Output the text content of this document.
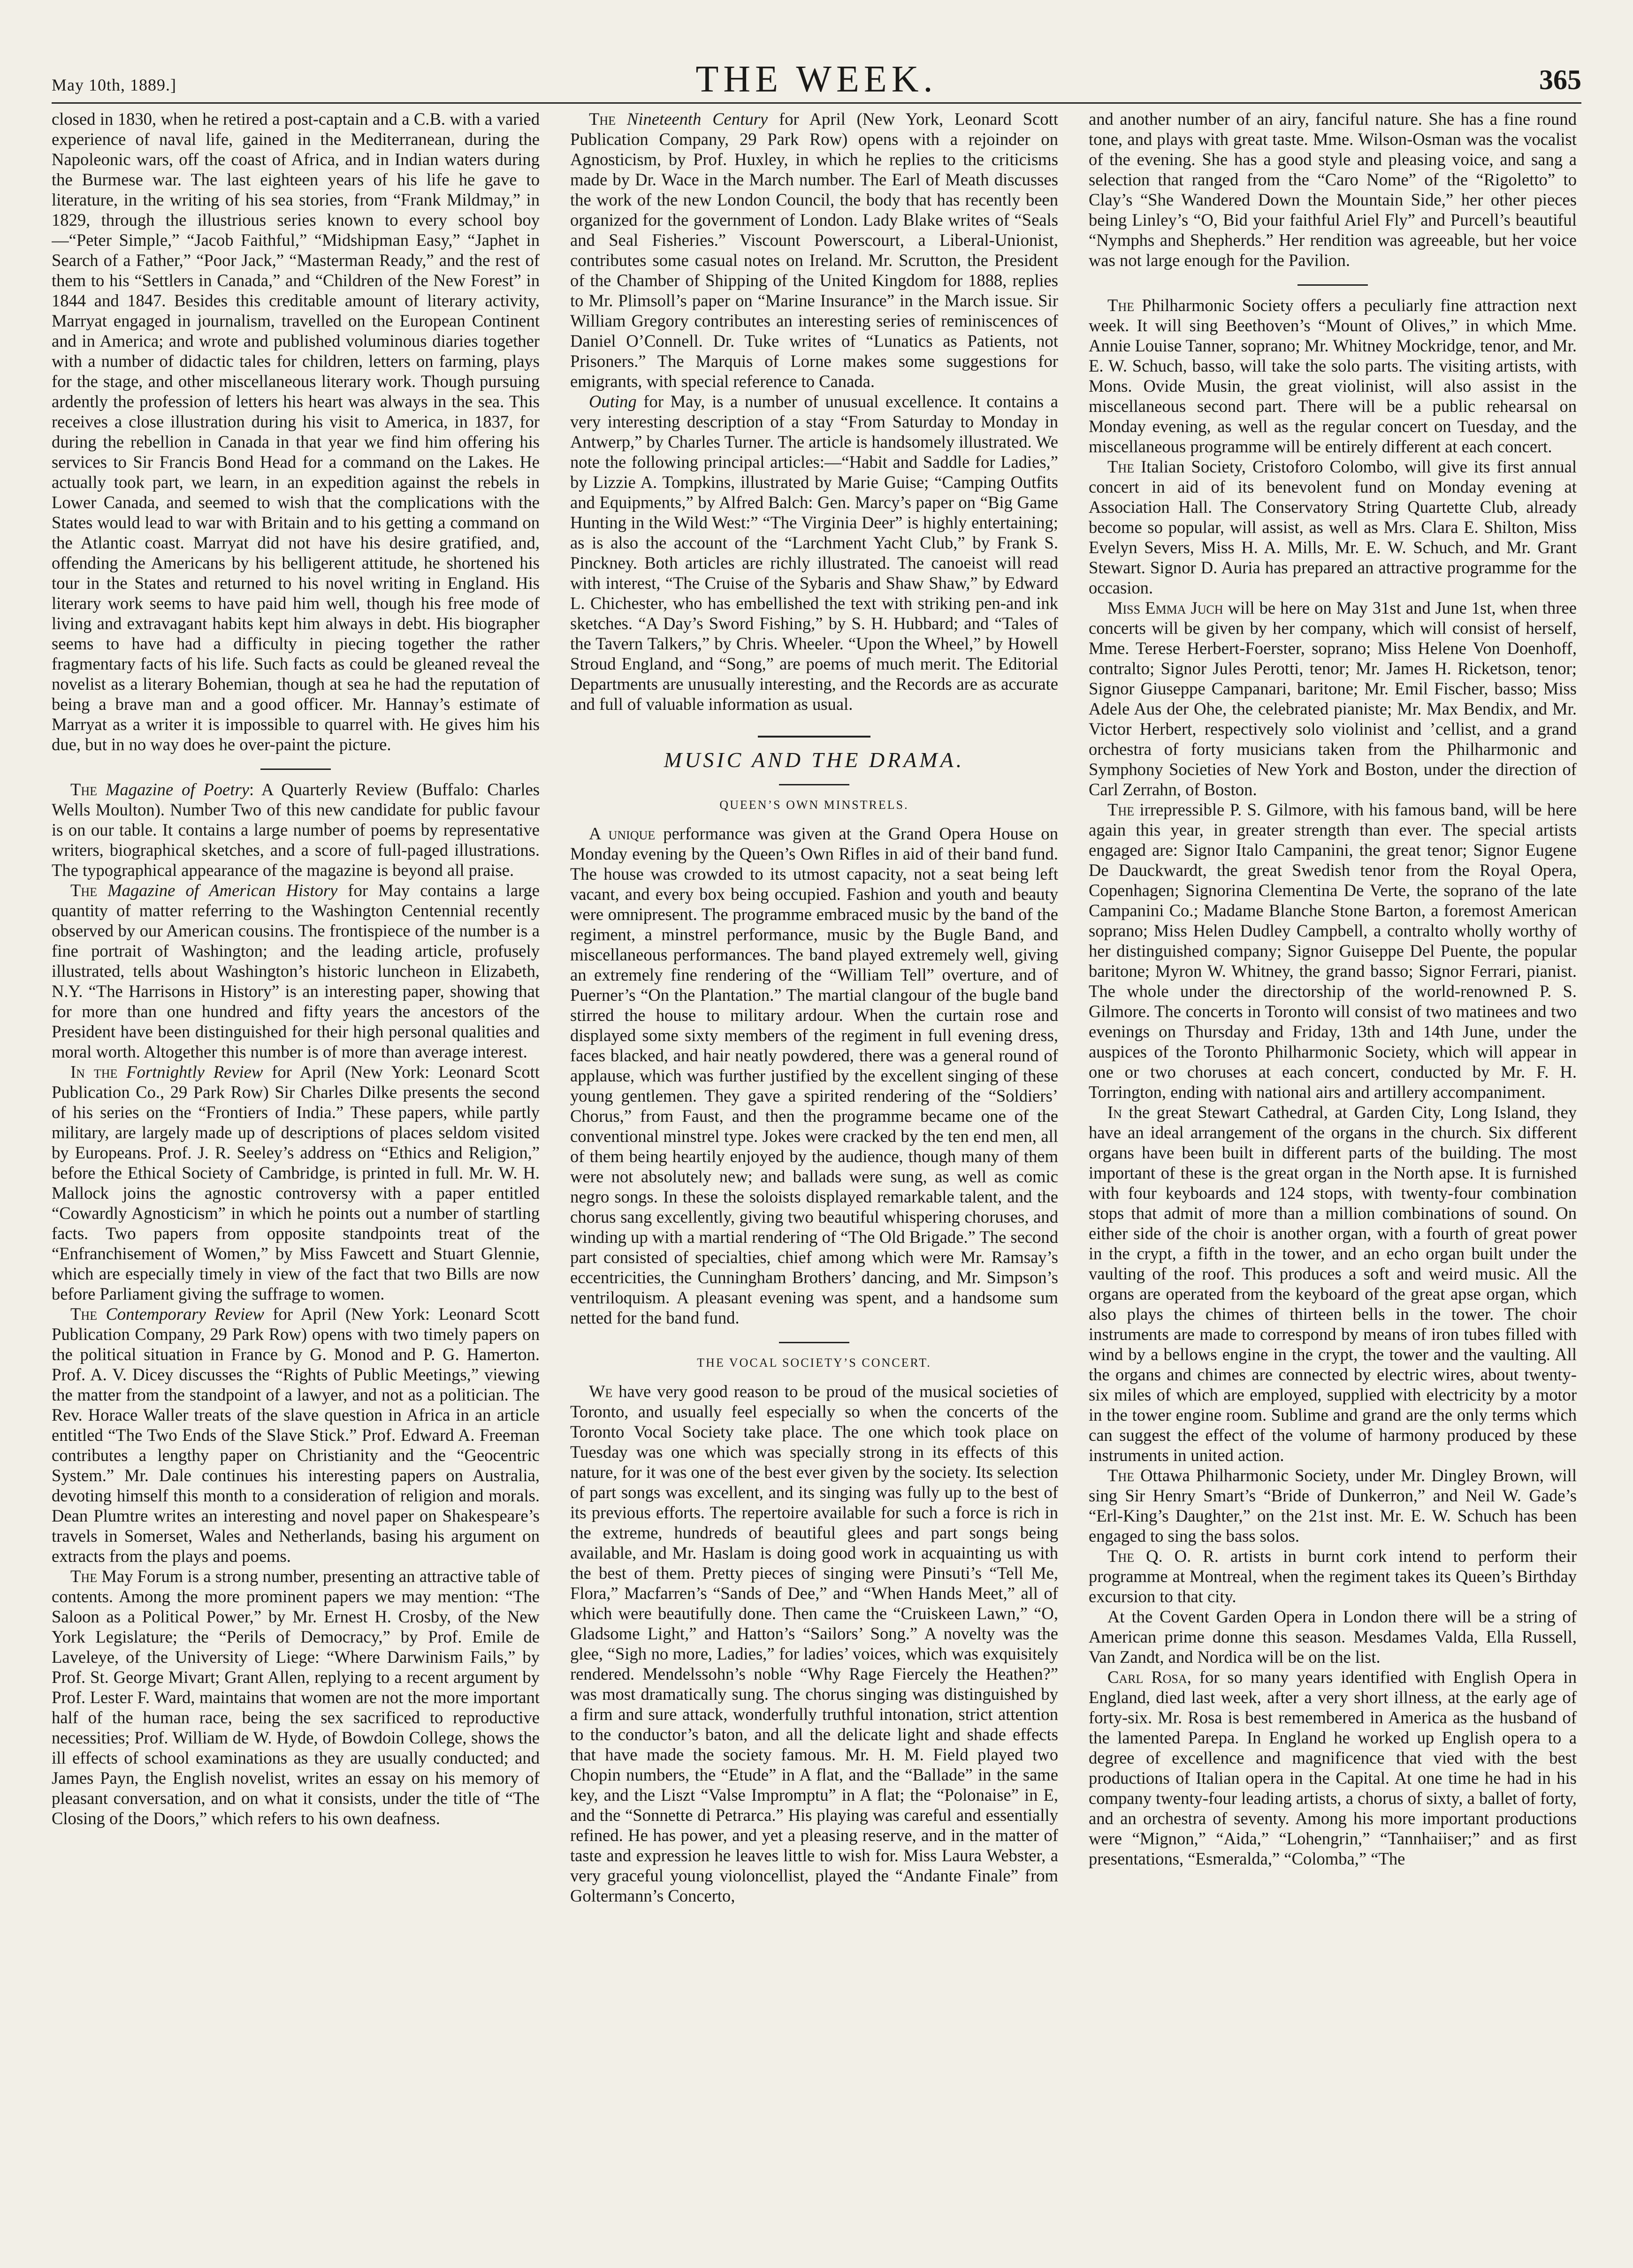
May 10th, 1889.]	THE WEEK.	365

closed in 1830, when he retired a post-captain and a C.B. with a varied experience of naval life, gained in the Mediterranean, during the Napoleonic wars, off the coast of Africa, and in Indian waters during the Burmese war. The last eighteen years of his life he gave to literature, in the writing of his sea stories, from “Frank Mildmay,” in 1829, through the illustrious series known to every school boy—“Peter Simple,” “Jacob Faithful,” “Midshipman Easy,” “Japhet in Search of a Father,” “Poor Jack,” “Masterman Ready,” and the rest of them to his “Settlers in Canada,” and “Children of the New Forest” in 1844 and 1847. Besides this creditable amount of literary activity, Marryat engaged in journalism, travelled on the European Continent and in America; and wrote and published voluminous diaries together with a number of didactic tales for children, letters on farming, plays for the stage, and other miscellaneous literary work. Though pursuing ardently the profession of letters his heart was always in the sea. This receives a close illustration during his visit to America, in 1837, for during the rebellion in Canada in that year we find him offering his services to Sir Francis Bond Head for a command on the Lakes. He actually took part, we learn, in an expedition against the rebels in Lower Canada, and seemed to wish that the complications with the States would lead to war with Britain and to his getting a command on the Atlantic coast. Marryat did not have his desire gratified, and, offending the Americans by his belligerent attitude, he shortened his tour in the States and returned to his novel writing in England. His literary work seems to have paid him well, though his free mode of living and extravagant habits kept him always in debt. His biographer seems to have had a difficulty in piecing together the rather fragmentary facts of his life. Such facts as could be gleaned reveal the novelist as a literary Bohemian, though at sea he had the reputation of being a brave man and a good officer. Mr. Hannay’s estimate of Marryat as a writer it is impossible to quarrel with. He gives him his due, but in no way does he over-paint the picture.

The Magazine of Poetry: A Quarterly Review (Buffalo: Charles Wells Moulton). Number Two of this new candidate for public favour is on our table. It contains a large number of poems by representative writers, biographical sketches, and a score of full-paged illustrations. The typographical appearance of the magazine is beyond all praise.

The Magazine of American History for May contains a large quantity of matter referring to the Washington Centennial recently observed by our American cousins. The frontispiece of the number is a fine portrait of Washington; and the leading article, profusely illustrated, tells about Washington’s historic luncheon in Elizabeth, N.Y. “The Harrisons in History” is an interesting paper, showing that for more than one hundred and fifty years the ancestors of the President have been distinguished for their high personal qualities and moral worth. Altogether this number is of more than average interest.

In the Fortnightly Review for April (New York: Leonard Scott Publication Co., 29 Park Row) Sir Charles Dilke presents the second of his series on the “Frontiers of India.” These papers, while partly military, are largely made up of descriptions of places seldom visited by Europeans. Prof. J. R. Seeley’s address on “Ethics and Religion,” before the Ethical Society of Cambridge, is printed in full. Mr. W. H. Mallock joins the agnostic controversy with a paper entitled “Cowardly Agnosticism” in which he points out a number of startling facts. Two papers from opposite standpoints treat of the “Enfranchisement of Women,” by Miss Fawcett and Stuart Glennie, which are especially timely in view of the fact that two Bills are now before Parliament giving the suffrage to women.

The Contemporary Review for April (New York: Leonard Scott Publication Company, 29 Park Row) opens with two timely papers on the political situation in France by G. Monod and P. G. Hamerton. Prof. A. V. Dicey discusses the “Rights of Public Meetings,” viewing the matter from the standpoint of a lawyer, and not as a politician. The Rev. Horace Waller treats of the slave question in Africa in an article entitled “The Two Ends of the Slave Stick.” Prof. Edward A. Freeman contributes a lengthy paper on Christianity and the “Geocentric System.” Mr. Dale continues his interesting papers on Australia, devoting himself this month to a consideration of religion and morals. Dean Plumtre writes an interesting and novel paper on Shakespeare’s travels in Somerset, Wales and Netherlands, basing his argument on extracts from the plays and poems.

The May Forum is a strong number, presenting an attractive table of contents. Among the more prominent papers we may mention: “The Saloon as a Political Power,” by Mr. Ernest H. Crosby, of the New York Legislature; the “Perils of Democracy,” by Prof. Emile de Laveleye, of the University of Liege: “Where Darwinism Fails,” by Prof. St. George Mivart; Grant Allen, replying to a recent argument by Prof. Lester F. Ward, maintains that women are not the more important half of the human race, being the sex sacrificed to reproductive necessities; Prof. William de W. Hyde, of Bowdoin College, shows the ill effects of school examinations as they are usually conducted; and James Payn, the English novelist, writes an essay on his memory of pleasant conversation, and on what it consists, under the title of “The Closing of the Doors,” which refers to his own deafness.

The Nineteenth Century for April (New York, Leonard Scott Publication Company, 29 Park Row) opens with a rejoinder on Agnosticism, by Prof. Huxley, in which he replies to the criticisms made by Dr. Wace in the March number. The Earl of Meath discusses the work of the new London Council, the body that has recently been organized for the government of London. Lady Blake writes of “Seals and Seal Fisheries.” Viscount Powerscourt, a Liberal-Unionist, contributes some casual notes on Ireland. Mr. Scrutton, the President of the Chamber of Shipping of the United Kingdom for 1888, replies to Mr. Plimsoll’s paper on “Marine Insurance” in the March issue. Sir William Gregory contributes an interesting series of reminiscences of Daniel O’Connell. Dr. Tuke writes of “Lunatics as Patients, not Prisoners.” The Marquis of Lorne makes some suggestions for emigrants, with special reference to Canada.

Outing for May, is a number of unusual excellence. It contains a very interesting description of a stay “From Saturday to Monday in Antwerp,” by Charles Turner. The article is handsomely illustrated. We note the following principal articles:—“Habit and Saddle for Ladies,” by Lizzie A. Tompkins, illustrated by Marie Guise; “Camping Outfits and Equipments,” by Alfred Balch: Gen. Marcy’s paper on “Big Game Hunting in the Wild West:” “The Virginia Deer” is highly entertaining; as is also the account of the “Larchment Yacht Club,” by Frank S. Pinckney. Both articles are richly illustrated. The canoeist will read with interest, “The Cruise of the Sybaris and Shaw Shaw,” by Edward L. Chichester, who has embellished the text with striking pen-and ink sketches. “A Day’s Sword Fishing,” by S. H. Hubbard; and “Tales of the Tavern Talkers,” by Chris. Wheeler. “Upon the Wheel,” by Howell Stroud England, and “Song,” are poems of much merit. The Editorial Departments are unusually interesting, and the Records are as accurate and full of valuable information as usual.

MUSIC AND THE DRAMA.
QUEEN’S OWN MINSTRELS.

A unique performance was given at the Grand Opera House on Monday evening by the Queen’s Own Rifles in aid of their band fund. The house was crowded to its utmost capacity, not a seat being left vacant, and every box being occupied. Fashion and youth and beauty were omnipresent. The programme embraced music by the band of the regiment, a minstrel performance, music by the Bugle Band, and miscellaneous performances. The band played extremely well, giving an extremely fine rendering of the “William Tell” overture, and of Puerner’s “On the Plantation.” The martial clangour of the bugle band stirred the house to military ardour. When the curtain rose and displayed some sixty members of the regiment in full evening dress, faces blacked, and hair neatly powdered, there was a general round of applause, which was further justified by the excellent singing of these young gentlemen. They gave a spirited rendering of the “Soldiers’ Chorus,” from Faust, and then the programme became one of the conventional minstrel type. Jokes were cracked by the ten end men, all of them being heartily enjoyed by the audience, though many of them were not absolutely new; and ballads were sung, as well as comic negro songs. In these the soloists displayed remarkable talent, and the chorus sang excellently, giving two beautiful whispering choruses, and winding up with a martial rendering of “The Old Brigade.” The second part consisted of specialties, chief among which were Mr. Ramsay’s eccentricities, the Cunningham Brothers’ dancing, and Mr. Simpson’s ventriloquism. A pleasant evening was spent, and a handsome sum netted for the band fund.

THE VOCAL SOCIETY’S CONCERT.

We have very good reason to be proud of the musical societies of Toronto, and usually feel especially so when the concerts of the Toronto Vocal Society take place. The one which took place on Tuesday was one which was specially strong in its effects of this nature, for it was one of the best ever given by the society. Its selection of part songs was excellent, and its singing was fully up to the best of its previous efforts. The repertoire available for such a force is rich in the extreme, hundreds of beautiful glees and part songs being available, and Mr. Haslam is doing good work in acquainting us with the best of them. Pretty pieces of singing were Pinsuti’s “Tell Me, Flora,” Macfarren’s “Sands of Dee,” and “When Hands Meet,” all of which were beautifully done. Then came the “Cruiskeen Lawn,” “O, Gladsome Light,” and Hatton’s “Sailors’ Song.” A novelty was the glee, “Sigh no more, Ladies,” for ladies’ voices, which was exquisitely rendered. Mendelssohn’s noble “Why Rage Fiercely the Heathen?” was most dramatically sung. The chorus singing was distinguished by a firm and sure attack, wonderfully truthful intonation, strict attention to the conductor’s baton, and all the delicate light and shade effects that have made the society famous. Mr. H. M. Field played two Chopin numbers, the “Etude” in A flat, and the “Ballade” in the same key, and the Liszt “Valse Impromptu” in A flat; the “Polonaise” in E, and the “Sonnette di Petrarca.” His playing was careful and essentially refined. He has power, and yet a pleasing reserve, and in the matter of taste and expression he leaves little to wish for. Miss Laura Webster, a very graceful young violoncellist, played the “Andante Finale” from Goltermann’s Concerto,

and another number of an airy, fanciful nature. She has a fine round tone, and plays with great taste. Mme. Wilson-Osman was the vocalist of the evening. She has a good style and pleasing voice, and sang a selection that ranged from the “Caro Nome” of the “Rigoletto” to Clay’s “She Wandered Down the Mountain Side,” her other pieces being Linley’s “O, Bid your faithful Ariel Fly” and Purcell’s beautiful “Nymphs and Shepherds.” Her rendition was agreeable, but her voice was not large enough for the Pavilion.

The Philharmonic Society offers a peculiarly fine attraction next week. It will sing Beethoven’s “Mount of Olives,” in which Mme. Annie Louise Tanner, soprano; Mr. Whitney Mockridge, tenor, and Mr. E. W. Schuch, basso, will take the solo parts. The visiting artists, with Mons. Ovide Musin, the great violinist, will also assist in the miscellaneous second part. There will be a public rehearsal on Monday evening, as well as the regular concert on Tuesday, and the miscellaneous programme will be entirely different at each concert.

The Italian Society, Cristoforo Colombo, will give its first annual concert in aid of its benevolent fund on Monday evening at Association Hall. The Conservatory String Quartette Club, already become so popular, will assist, as well as Mrs. Clara E. Shilton, Miss Evelyn Severs, Miss H. A. Mills, Mr. E. W. Schuch, and Mr. Grant Stewart. Signor D. Auria has prepared an attractive programme for the occasion.

Miss Emma Juch will be here on May 31st and June 1st, when three concerts will be given by her company, which will consist of herself, Mme. Terese Herbert-Foerster, soprano; Miss Helene Von Doenhoff, contralto; Signor Jules Perotti, tenor; Mr. James H. Ricketson, tenor; Signor Giuseppe Campanari, baritone; Mr. Emil Fischer, basso; Miss Adele Aus der Ohe, the celebrated pianiste; Mr. Max Bendix, and Mr. Victor Herbert, respectively solo violinist and ’cellist, and a grand orchestra of forty musicians taken from the Philharmonic and Symphony Societies of New York and Boston, under the direction of Carl Zerrahn, of Boston.

The irrepressible P. S. Gilmore, with his famous band, will be here again this year, in greater strength than ever. The special artists engaged are: Signor Italo Campanini, the great tenor; Signor Eugene De Dauckwardt, the great Swedish tenor from the Royal Opera, Copenhagen; Signorina Clementina De Verte, the soprano of the late Campanini Co.; Madame Blanche Stone Barton, a foremost American soprano; Miss Helen Dudley Campbell, a contralto wholly worthy of her distinguished company; Signor Guiseppe Del Puente, the popular baritone; Myron W. Whitney, the grand basso; Signor Ferrari, pianist. The whole under the directorship of the world-renowned P. S. Gilmore. The concerts in Toronto will consist of two matinees and two evenings on Thursday and Friday, 13th and 14th June, under the auspices of the Toronto Philharmonic Society, which will appear in one or two choruses at each concert, conducted by Mr. F. H. Torrington, ending with national airs and artillery accompaniment.

In the great Stewart Cathedral, at Garden City, Long Island, they have an ideal arrangement of the organs in the church. Six different organs have been built in different parts of the building. The most important of these is the great organ in the North apse. It is furnished with four keyboards and 124 stops, with twenty-four combination stops that admit of more than a million combinations of sound. On either side of the choir is another organ, with a fourth of great power in the crypt, a fifth in the tower, and an echo organ built under the vaulting of the roof. This produces a soft and weird music. All the organs are operated from the keyboard of the great apse organ, which also plays the chimes of thirteen bells in the tower. The choir instruments are made to correspond by means of iron tubes filled with wind by a bellows engine in the crypt, the tower and the vaulting. All the organs and chimes are connected by electric wires, about twenty-six miles of which are employed, supplied with electricity by a motor in the tower engine room. Sublime and grand are the only terms which can suggest the effect of the volume of harmony produced by these instruments in united action.

The Ottawa Philharmonic Society, under Mr. Dingley Brown, will sing Sir Henry Smart’s “Bride of Dunkerron,” and Neil W. Gade’s “Erl-King’s Daughter,” on the 21st inst. Mr. E. W. Schuch has been engaged to sing the bass solos.

The Q. O. R. artists in burnt cork intend to perform their programme at Montreal, when the regiment takes its Queen’s Birthday excursion to that city.

At the Covent Garden Opera in London there will be a string of American prime donne this season. Mesdames Valda, Ella Russell, Van Zandt, and Nordica will be on the list.

Carl Rosa, for so many years identified with English Opera in England, died last week, after a very short illness, at the early age of forty-six. Mr. Rosa is best remembered in America as the husband of the lamented Parepa. In England he worked up English opera to a degree of excellence and magnificence that vied with the best productions of Italian opera in the Capital. At one time he had in his company twenty-four leading artists, a chorus of sixty, a ballet of forty, and an orchestra of seventy. Among his more important productions were “Mignon,” “Aida,” “Lohengrin,” “Tannhaiiser;” and as first presentations, “Esmeralda,” “Colomba,” “The
